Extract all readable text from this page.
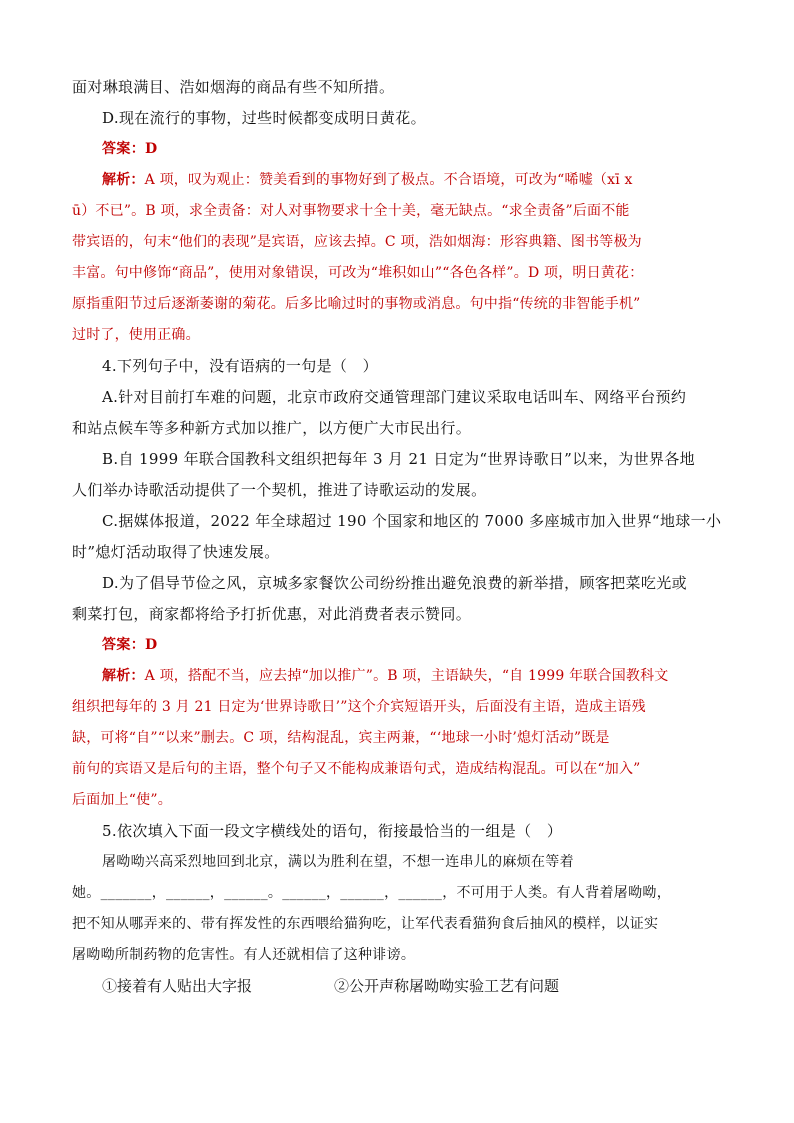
面对琳琅满目、浩如烟海的商品有些不知所措。
D.现在流行的事物，过些时候都变成明日黄花。
答案：D
解析：A 项，叹为观止：赞美看到的事物好到了极点。不合语境，可改为“唏嘘（xī x
ū）不已”。B 项，求全责备：对人对事物要求十全十美，毫无缺点。“求全责备”后面不能
带宾语的，句末“他们的表现”是宾语，应该去掉。C 项，浩如烟海：形容典籍、图书等极为
丰富。句中修饰“商品”，使用对象错误，可改为“堆积如山”“各色各样”。D 项，明日黄花：
原指重阳节过后逐渐萎谢的菊花。后多比喻过时的事物或消息。句中指“传统的非智能手机”
过时了，使用正确。
4.下列句子中，没有语病的一句是（   ）
A.针对目前打车难的问题，北京市政府交通管理部门建议采取电话叫车、网络平台预约
和站点候车等多种新方式加以推广，以方便广大市民出行。
B.自 1999 年联合国教科文组织把每年 3 月 21 日定为“世界诗歌日”以来，为世界各地
人们举办诗歌活动提供了一个契机，推进了诗歌运动的发展。
C.据媒体报道，2022 年全球超过 190 个国家和地区的 7000 多座城市加入世界“地球一小
时”熄灯活动取得了快速发展。
D.为了倡导节俭之风，京城多家餐饮公司纷纷推出避免浪费的新举措，顾客把菜吃光或
剩菜打包，商家都将给予打折优惠，对此消费者表示赞同。
答案：D
解析：A 项，搭配不当，应去掉“加以推广”。B 项，主语缺失，“自 1999 年联合国教科文
组织把每年的 3 月 21 日定为‘世界诗歌日’”这个介宾短语开头，后面没有主语，造成主语残
缺，可将“自”“以来”删去。C 项，结构混乱，宾主两兼，“‘地球一小时’熄灯活动”既是
前句的宾语又是后句的主语，整个句子又不能构成兼语句式，造成结构混乱。可以在“加入”
后面加上“使”。
5.依次填入下面一段文字横线处的语句，衔接最恰当的一组是（   ）
屠呦呦兴高采烈地回到北京，满以为胜利在望，不想一连串儿的麻烦在等着
她。_______，______，______。______，______，______，不可用于人类。有人背着屠呦呦，
把不知从哪弄来的、带有挥发性的东西喂给猫狗吃，让军代表看猫狗食后抽风的模样，以证实
屠呦呦所制药物的危害性。有人还就相信了这种诽谤。
①接着有人贴出大字报	②公开声称屠呦呦实验工艺有问题
